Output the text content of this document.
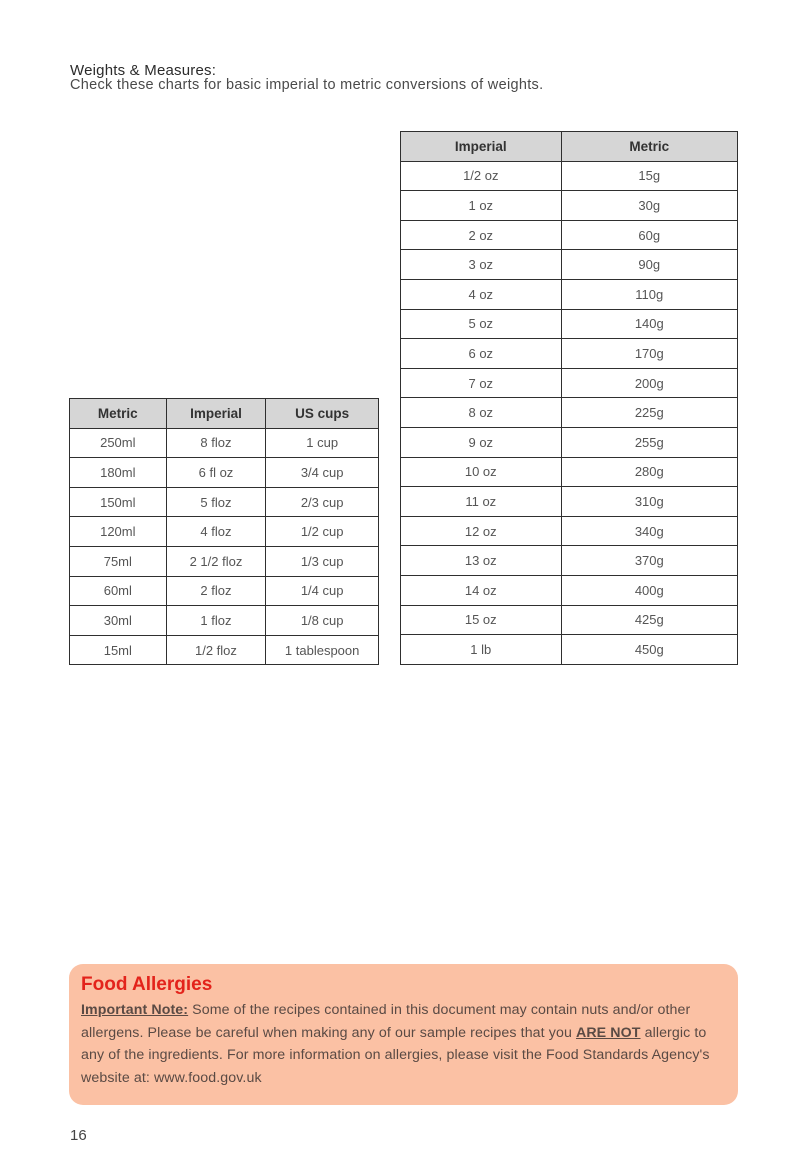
Weights & Measures:
Check these charts for basic imperial to metric conversions of weights.
Metric	Imperial	US cups
250ml	8 floz	1 cup
180ml	6 fl oz	3/4 cup
150ml	5 floz	2/3 cup
120ml	4 floz	1/2 cup
75ml	2 1/2 floz	1/3 cup
60ml	2 floz	1/4 cup
30ml	1 floz	1/8 cup
15ml	1/2 floz	1 tablespoon
Imperial	Metric
1/2 oz	15g
1 oz	30g
2 oz	60g
3 oz	90g
4 oz	110g
5 oz	140g
6 oz	170g
7 oz	200g
8 oz	225g
9 oz	255g
10 oz	280g
11 oz	310g
12 oz	340g
13 oz	370g
14 oz	400g
15 oz	425g
1 lb	450g
Food Allergies
Important Note: Some of the recipes contained in this document may contain nuts and/or other allergens. Please be careful when making any of our sample recipes that you ARE NOT allergic to any of the ingredients. For more information on allergies, please visit the Food Standards Agency's website at: www.food.gov.uk
16
